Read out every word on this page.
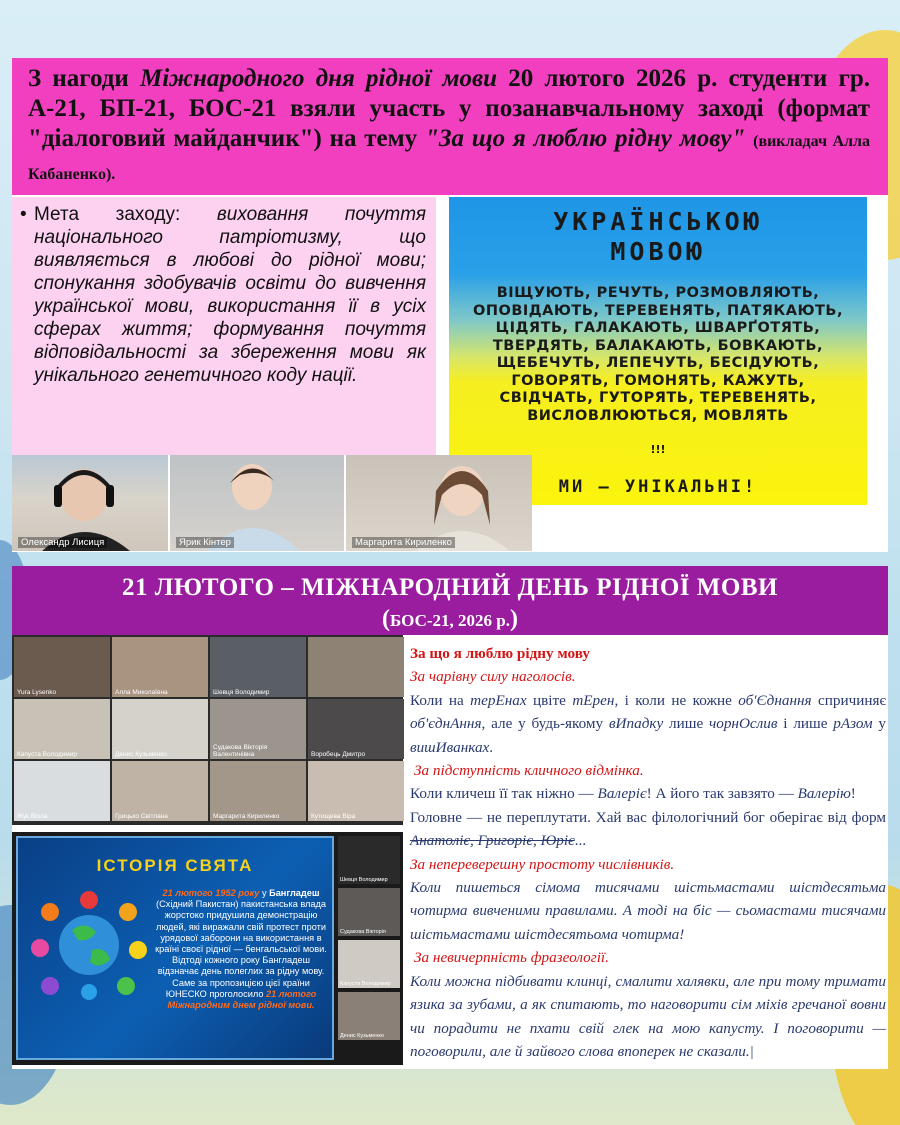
З нагоди Міжнародного дня рідної мови 20 лютого 2026 р. студенти гр. А-21, БП-21, БОС-21 взяли участь у позанавчальному заході (формат "діалоговий майданчик") на тему "За що я люблю рідну мову" (викладач Алла Кабаненко).
• Мета заходу: виховання почуття національного патріотизму, що виявляється в любові до рідної мови; спонукання здобувачів освіти до вивчення української мови, використання її в усіх сферах життя; формування почуття відповідальності за збереження мови як унікального генетичного коду нації.
УКРАЇНСЬКОЮ
МОВОЮ
ВІЩУЮТЬ, РЕЧУТЬ, РОЗМОВЛЯЮТЬ, ОПОВІДАЮТЬ, ТЕРЕВЕНЯТЬ, ПАТЯКАЮТЬ, ЦІДЯТЬ, ГАЛАКАЮТЬ, ШВАРҐОТЯТЬ, ТВЕРДЯТЬ, БАЛАКАЮТЬ, БОВКАЮТЬ, ЩЕБЕЧУТЬ, ЛЕПЕЧУТЬ, БЕСІДУЮТЬ, ГОВОРЯТЬ, ГОМОНЯТЬ, КАЖУТЬ, СВІДЧАТЬ, ГУТОРЯТЬ, ТЕРЕВЕНЯТЬ, ВИСЛОВЛЮЮТЬСЯ, МОВЛЯТЬ
!!!
МИ – УНІКАЛЬНІ!
Олександр Лисиця	Ярик Кінтер	Маргарита Кириленко
21 ЛЮТОГО – МІЖНАРОДНИЙ ДЕНЬ РІДНОЇ МОВИ
(БОС-21, 2026 р.)
Yura Lysenko	Алла Миколаївна	Шевця Володимир
Капуста Володимир	Денис Кузьменко
Судакова Вікторія Валентинівна	Воробець Дмитро
Жук Віола	Грицько Світлана	Маргарита Кириленко	Кутищева Віра
ІСТОРІЯ СВЯТА
21 лютого 1952 року у Бангладеш (Східний Пакистан) пакистанська влада жорстоко придушила демонстрацію людей, які виражали свій протест проти урядової заборони на використання в країні своєї рідної — бенгальської мови. Відтоді кожного року Бангладеш відзначає день полеглих за рідну мову. Саме за пропозицією цієї країни ЮНЕСКО проголосило 21 лютого Міжнародним днем рідної мови.
Шевця Володимир
Судакова Вікторія
Капуста Володимир
Денис Кузьменко

За що я люблю рідну мову

За чарівну силу наголосів.

Коли на терЕнах цвіте тЕрен, і коли не кожне об'Єднання спричиняє об'єднАння, але у будь-якому вИпадку лише чорнОслив і лише рАзом у вишИванках.

За підступність кличного відмінка.

Коли кличеш її так ніжно — Валеріє! А його так завзято — Валерію!

Головне — не переплутати. Хай вас філологічний бог оберігає від форм Анатоліє, Григоріє, Юріє...

За непереверешну простоту числівників.

Коли пишеться сімома тисячами шістьмастами шістдесятьма чотирма вивченими правилами. А тоді на біс — сьомастами тисячами шістьмастами шістдесятьома чотирма!

За невичерпність фразеології.

Коли можна підбивати клинці, смалити халявки, але при тому тримати язика за зубами, а як спитають, то наговорити сім міхів гречаної вовни чи порадити не пхати свій глек на мою капусту. І поговорити — поговорили, але й зайвого слова впоперек не сказали.|
